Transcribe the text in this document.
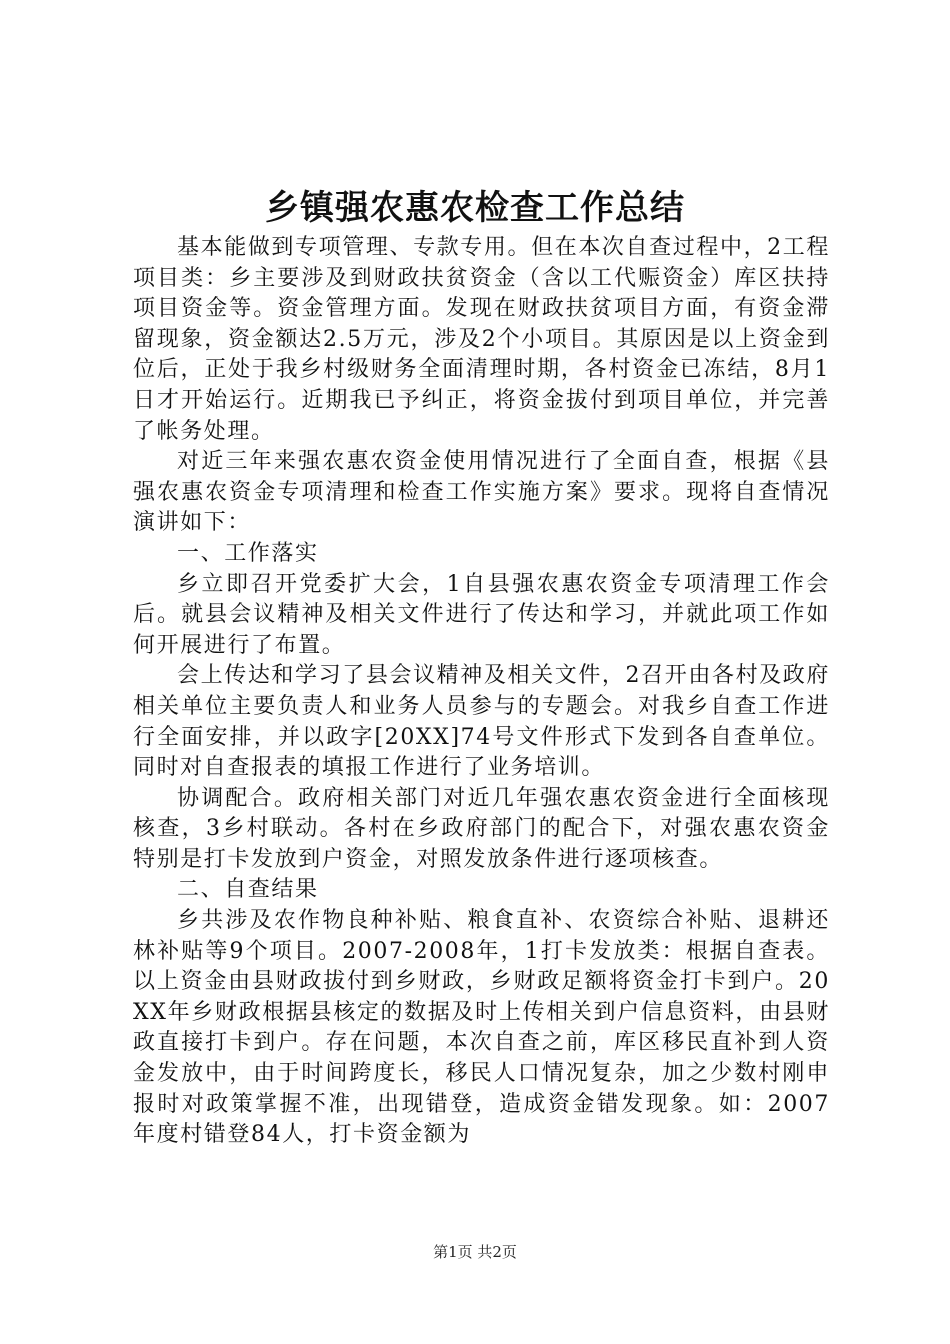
乡镇强农惠农检查工作总结

基本能做到专项管理、专款专用。但在本次自查过程中，2工程项目类：乡主要涉及到财政扶贫资金（含以工代赈资金）库区扶持项目资金等。资金管理方面。发现在财政扶贫项目方面，有资金滞留现象，资金额达2.5万元，涉及2个小项目。其原因是以上资金到位后，正处于我乡村级财务全面清理时期，各村资金已冻结，8月1日才开始运行。近期我已予纠正，将资金拔付到项目单位，并完善了帐务处理。

对近三年来强农惠农资金使用情况进行了全面自查，根据《县强农惠农资金专项清理和检查工作实施方案》要求。现将自查情况演讲如下：

一、工作落实

乡立即召开党委扩大会，1自县强农惠农资金专项清理工作会后。就县会议精神及相关文件进行了传达和学习，并就此项工作如何开展进行了布置。

会上传达和学习了县会议精神及相关文件，2召开由各村及政府相关单位主要负责人和业务人员参与的专题会。对我乡自查工作进行全面安排，并以政字[20XX]74号文件形式下发到各自查单位。同时对自查报表的填报工作进行了业务培训。

协调配合。政府相关部门对近几年强农惠农资金进行全面核现核查，3乡村联动。各村在乡政府部门的配合下，对强农惠农资金特别是打卡发放到户资金，对照发放条件进行逐项核查。

二、自查结果

乡共涉及农作物良种补贴、粮食直补、农资综合补贴、退耕还林补贴等9个项目。2007-2008年，1打卡发放类：根据自查表。以上资金由县财政拔付到乡财政，乡财政足额将资金打卡到户。20XX年乡财政根据县核定的数据及时上传相关到户信息资料，由县财政直接打卡到户。存在问题，本次自查之前，库区移民直补到人资金发放中，由于时间跨度长，移民人口情况复杂，加之少数村刚申报时对政策掌握不准，出现错登，造成资金错发现象。如：2007年度村错登84人，打卡资金额为

第1页 共2页
